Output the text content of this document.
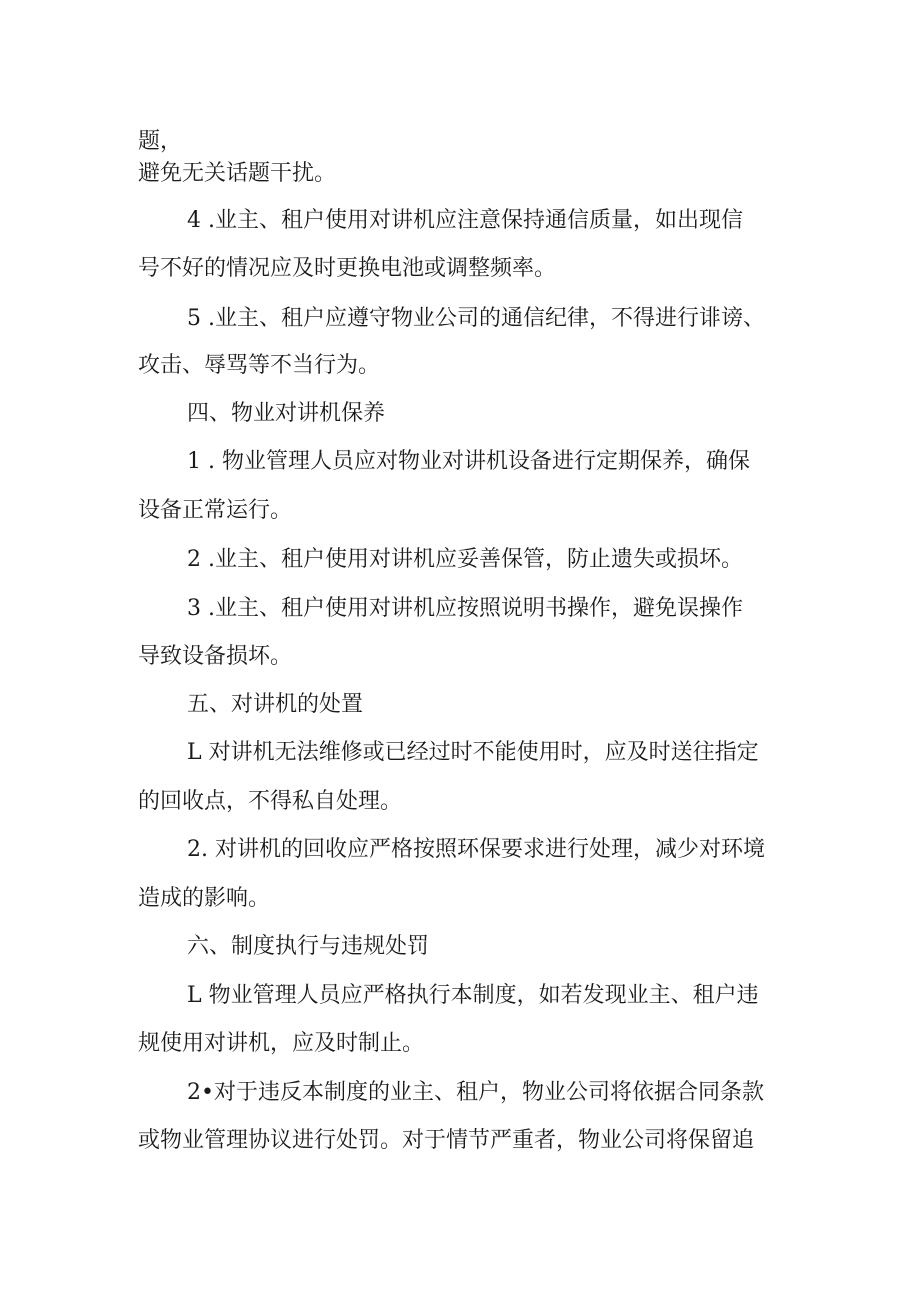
题，
避免无关话题干扰。
4 .业主、租户使用对讲机应注意保持通信质量，如出现信
号不好的情况应及时更换电池或调整频率。
5 .业主、租户应遵守物业公司的通信纪律，不得进行诽谤、
攻击、辱骂等不当行为。
四、物业对讲机保养
1 . 物业管理人员应对物业对讲机设备进行定期保养，确保
设备正常运行。
2 .业主、租户使用对讲机应妥善保管，防止遗失或损坏。
3 .业主、租户使用对讲机应按照说明书操作，避免误操作
导致设备损坏。
五、对讲机的处置
L 对讲机无法维修或已经过时不能使用时，应及时送往指定
的回收点，不得私自处理。
2. 对讲机的回收应严格按照环保要求进行处理，减少对环境
造成的影响。
六、制度执行与违规处罚
L 物业管理人员应严格执行本制度，如若发现业主、租户违
规使用对讲机，应及时制止。
2•对于违反本制度的业主、租户，物业公司将依据合同条款
或物业管理协议进行处罚。对于情节严重者，物业公司将保留追
